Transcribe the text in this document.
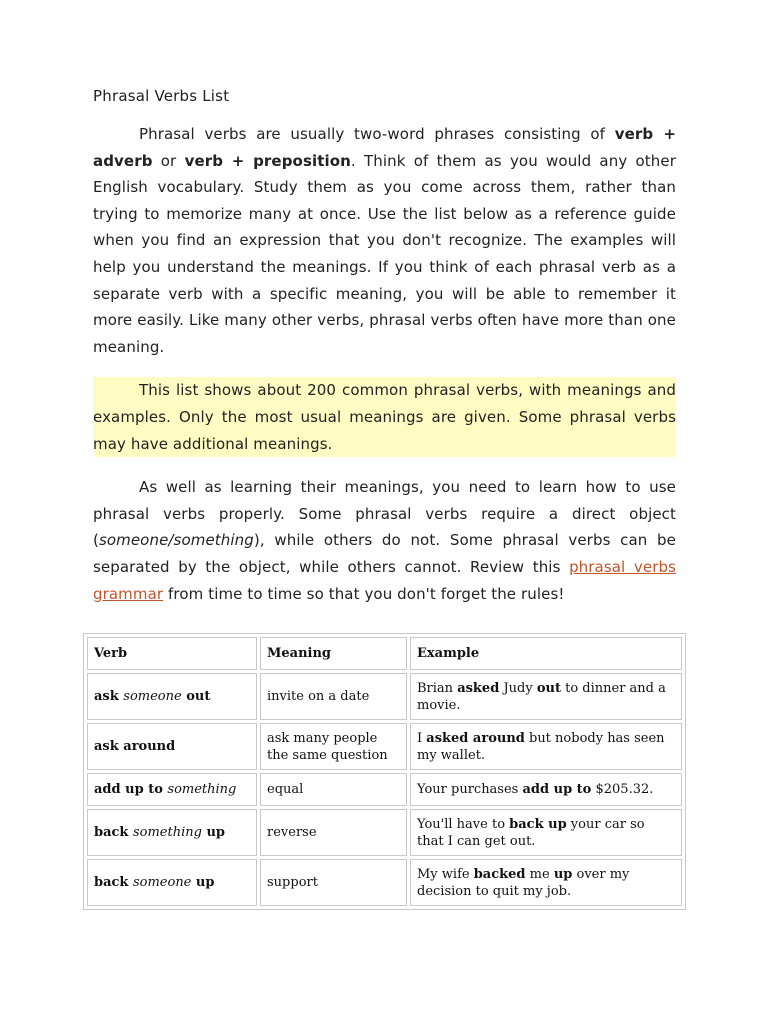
Phrasal Verbs List

Phrasal verbs are usually two-word phrases consisting of verb + adverb or verb + preposition. Think of them as you would any other English vocabulary. Study them as you come across them, rather than trying to memorize many at once. Use the list below as a reference guide when you find an expression that you don't recognize. The examples will help you understand the meanings. If you think of each phrasal verb as a separate verb with a specific meaning, you will be able to remember it more easily. Like many other verbs, phrasal verbs often have more than one meaning.

This list shows about 200 common phrasal verbs, with meanings and examples. Only the most usual meanings are given. Some phrasal verbs may have additional meanings.

As well as learning their meanings, you need to learn how to use phrasal verbs properly. Some phrasal verbs require a direct object (someone/something), while others do not. Some phrasal verbs can be separated by the object, while others cannot. Review this phrasal verbs grammar from time to time so that you don't forget the rules!

Verb	Meaning	Example
ask someone out	invite on a date	Brian asked Judy out to dinner and a movie.
ask around	ask many people the same question	I asked around but nobody has seen my wallet.
add up to something	equal	Your purchases add up to $205.32.
back something up	reverse	You'll have to back up your car so that I can get out.
back someone up	support	My wife backed me up over my decision to quit my job.
